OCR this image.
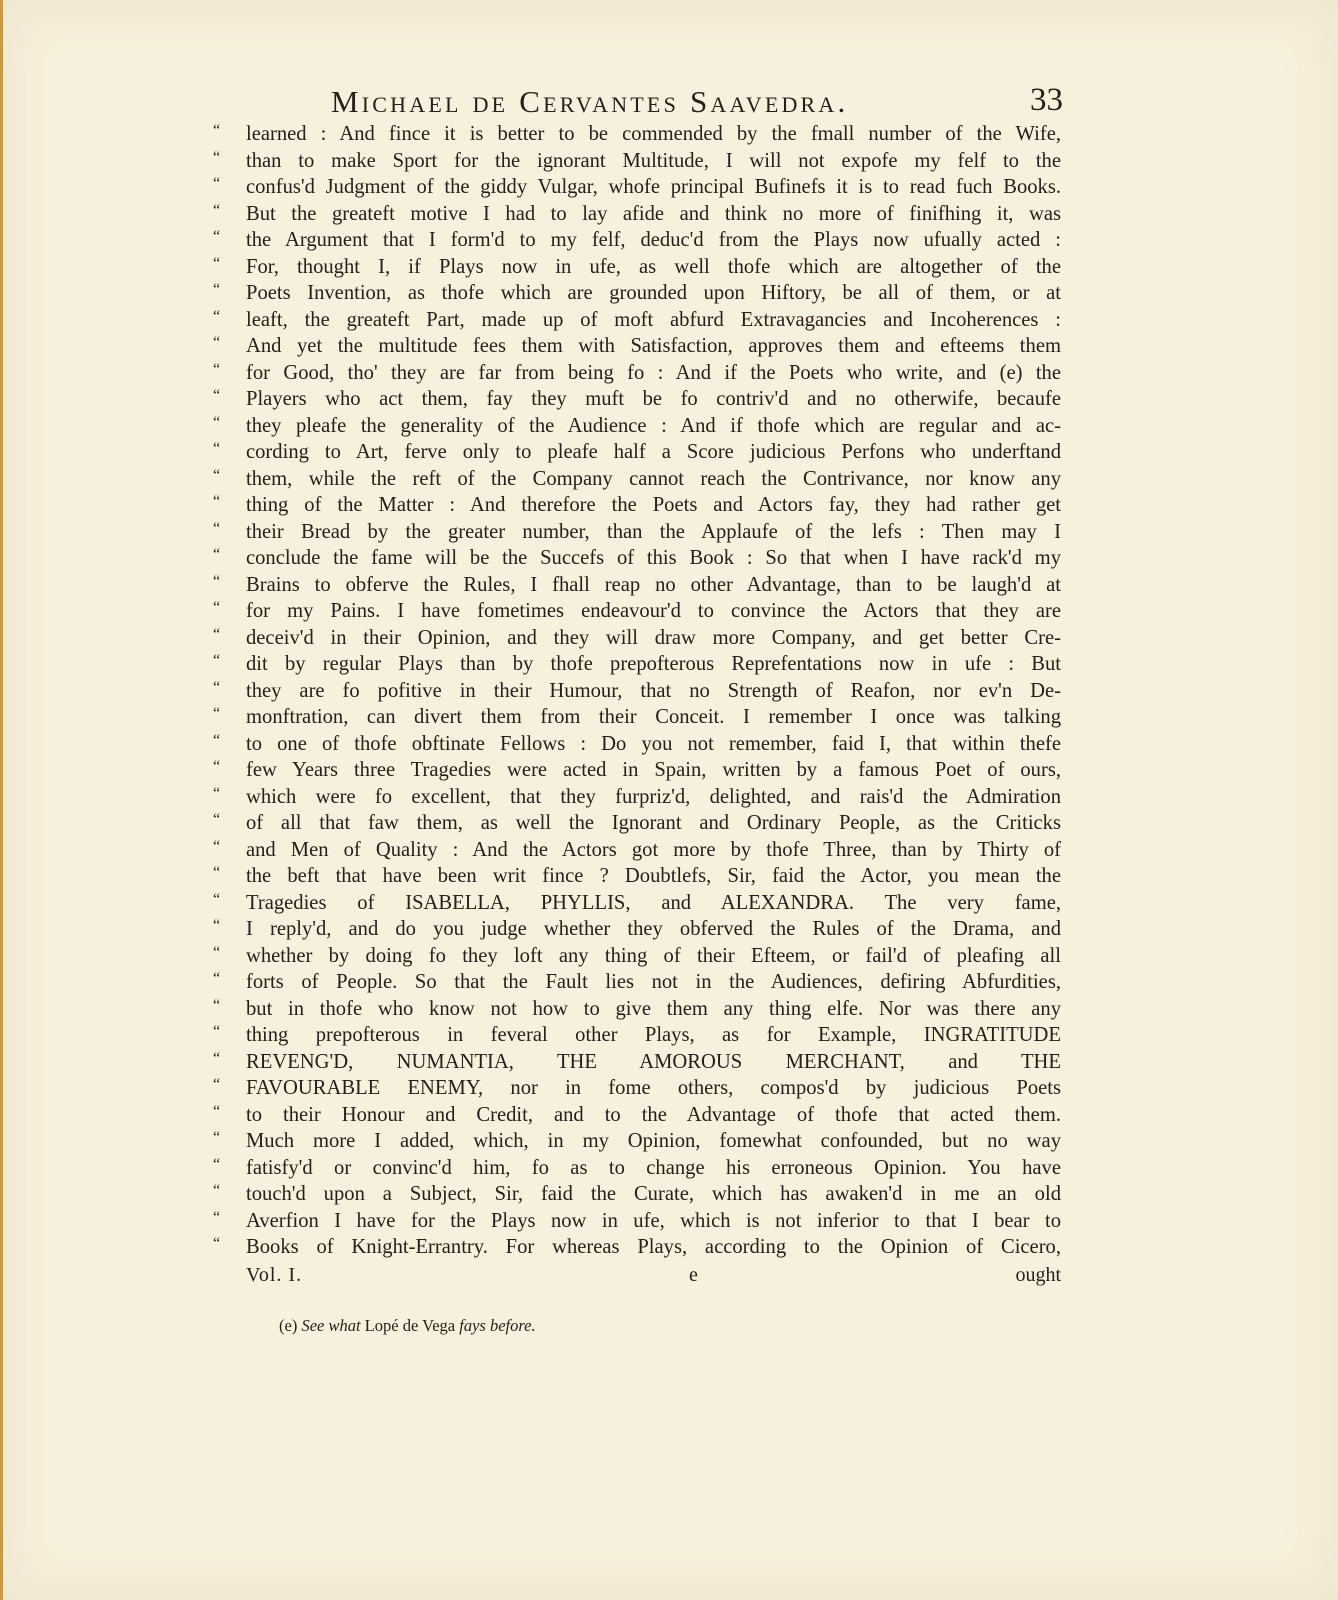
Michael de Cervantes Saavedra.	33
“	learned : And fince it is better to be commended by the fmall number of the Wife,
“	than to make Sport for the ignorant Multitude, I will not expofe my felf to the
“	confus'd Judgment of the giddy Vulgar, whofe principal Bufinefs it is to read fuch Books.
“	But the greateft motive I had to lay afide and think no more of finifhing it, was
“	the Argument that I form'd to my felf, deduc'd from the Plays now ufually acted :
“	For, thought I, if Plays now in ufe, as well thofe which are altogether of the
“	Poets Invention, as thofe which are grounded upon Hiftory, be all of them, or at
“	leaft, the greateft Part, made up of moft abfurd Extravagancies and Incoherences :
“	And yet the multitude fees them with Satisfaction, approves them and efteems them
“	for Good, tho' they are far from being fo : And if the Poets who write, and (e) the
“	Players who act them, fay they muft be fo contriv'd and no otherwife, becaufe
“	they pleafe the generality of the Audience : And if thofe which are regular and ac-
“	cording to Art, ferve only to pleafe half a Score judicious Perfons who underftand
“	them, while the reft of the Company cannot reach the Contrivance, nor know any
“	thing of the Matter : And therefore the Poets and Actors fay, they had rather get
“	their Bread by the greater number, than the Applaufe of the lefs : Then may I
“	conclude the fame will be the Succefs of this Book : So that when I have rack'd my
“	Brains to obferve the Rules, I fhall reap no other Advantage, than to be laugh'd at
“	for my Pains. I have fometimes endeavour'd to convince the Actors that they are
“	deceiv'd in their Opinion, and they will draw more Company, and get better Cre-
“	dit by regular Plays than by thofe prepofterous Reprefentations now in ufe : But
“	they are fo pofitive in their Humour, that no Strength of Reafon, nor ev'n De-
“	monftration, can divert them from their Conceit. I remember I once was talking
“	to one of thofe obftinate Fellows : Do you not remember, faid I, that within thefe
“	few Years three Tragedies were acted in Spain, written by a famous Poet of ours,
“	which were fo excellent, that they furpriz'd, delighted, and rais'd the Admiration
“	of all that faw them, as well the Ignorant and Ordinary People, as the Criticks
“	and Men of Quality : And the Actors got more by thofe Three, than by Thirty of
“	the beft that have been writ fince ? Doubtlefs, Sir, faid the Actor, you mean the
“	Tragedies of ISABELLA, PHYLLIS, and ALEXANDRA. The very fame,
“	I reply'd, and do you judge whether they obferved the Rules of the Drama, and
“	whether by doing fo they loft any thing of their Efteem, or fail'd of pleafing all
“	forts of People. So that the Fault lies not in the Audiences, defiring Abfurdities,
“	but in thofe who know not how to give them any thing elfe. Nor was there any
“	thing prepofterous in feveral other Plays, as for Example, INGRATITUDE
“	REVENG'D, NUMANTIA, THE AMOROUS MERCHANT, and THE
“	FAVOURABLE ENEMY, nor in fome others, compos'd by judicious Poets
“	to their Honour and Credit, and to the Advantage of thofe that acted them.
“	Much more I added, which, in my Opinion, fomewhat confounded, but no way
“	fatisfy'd or convinc'd him, fo as to change his erroneous Opinion. You have
“	touch'd upon a Subject, Sir, faid the Curate, which has awaken'd in me an old
“	Averfion I have for the Plays now in ufe, which is not inferior to that I bear to
“	Books of Knight-Errantry. For whereas Plays, according to the Opinion of Cicero,
Vol. I.	e	ought
(e) See what Lopé de Vega fays before.
